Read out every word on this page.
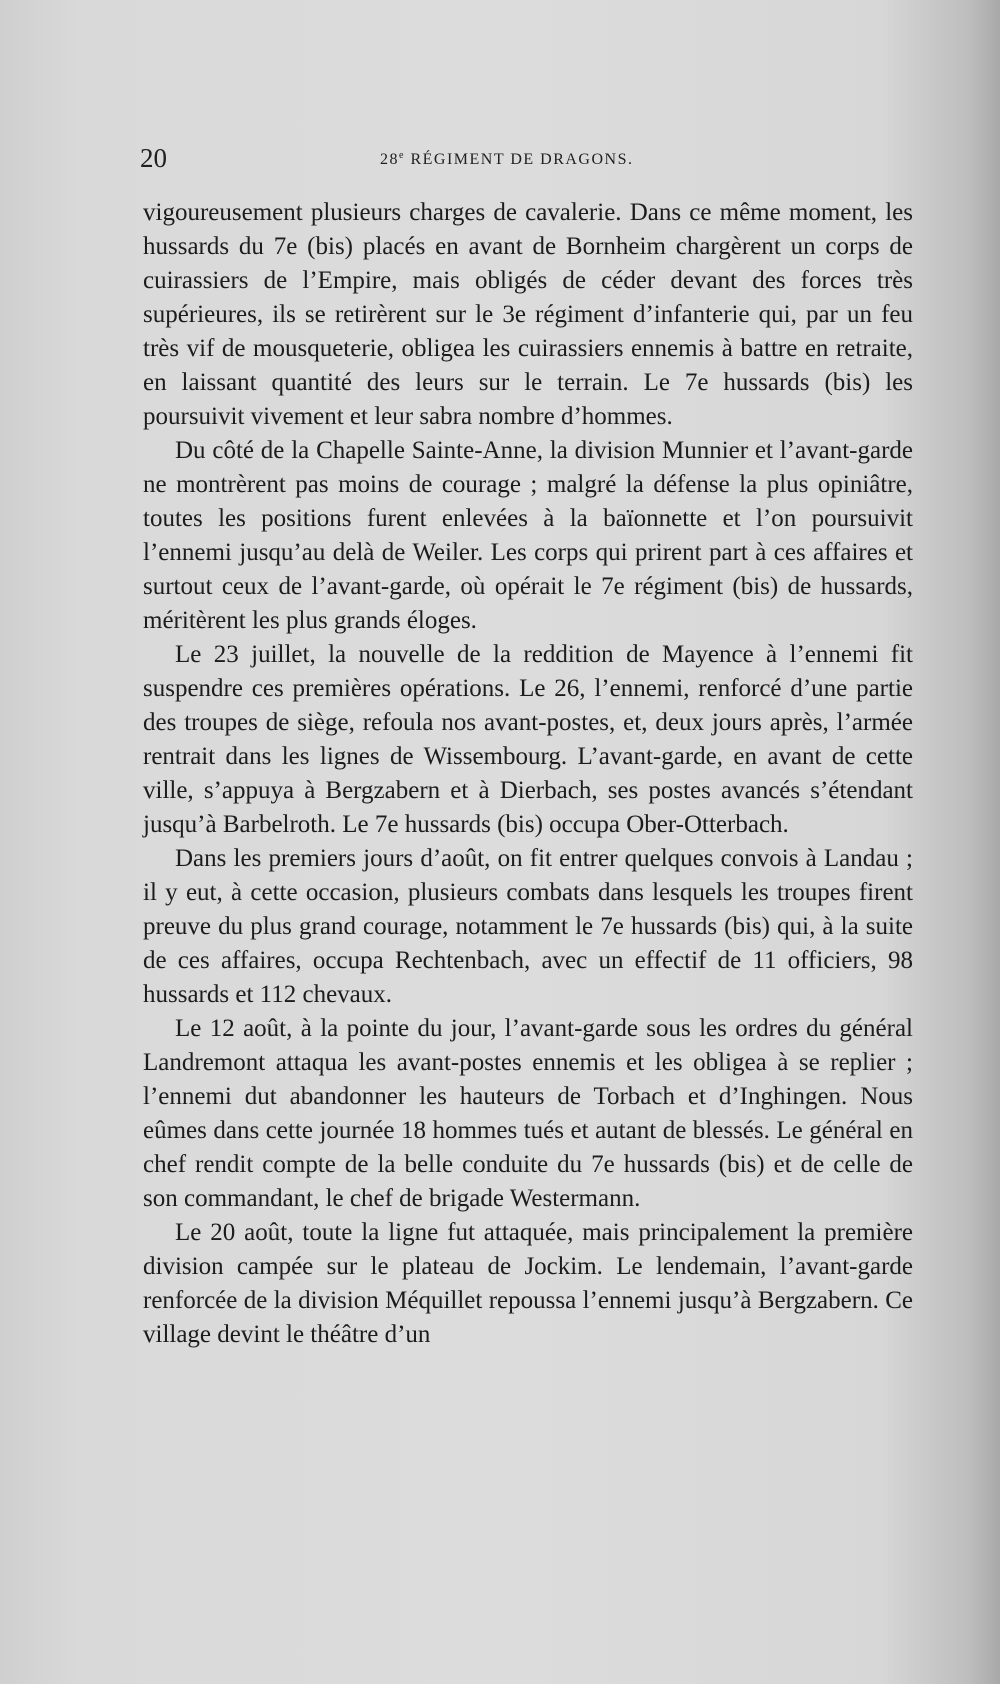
20	28e RÉGIMENT DE DRAGONS.

vigoureusement plusieurs charges de cavalerie. Dans ce même moment, les hussards du 7e (bis) placés en avant de Bornheim chargèrent un corps de cuirassiers de l’Empire, mais obligés de céder devant des forces très supérieures, ils se retirèrent sur le 3e régiment d’infanterie qui, par un feu très vif de mousqueterie, obligea les cuirassiers ennemis à battre en retraite, en laissant quantité des leurs sur le terrain. Le 7e hussards (bis) les poursuivit vivement et leur sabra nombre d’hommes.

Du côté de la Chapelle Sainte-Anne, la division Munnier et l’avant-garde ne montrèrent pas moins de courage ; malgré la défense la plus opiniâtre, toutes les positions furent enlevées à la baïonnette et l’on poursuivit l’ennemi jusqu’au delà de Weiler. Les corps qui prirent part à ces affaires et surtout ceux de l’avant-garde, où opérait le 7e régiment (bis) de hussards, méritèrent les plus grands éloges.

Le 23 juillet, la nouvelle de la reddition de Mayence à l’ennemi fit suspendre ces premières opérations. Le 26, l’ennemi, renforcé d’une partie des troupes de siège, refoula nos avant-postes, et, deux jours après, l’armée rentrait dans les lignes de Wissembourg. L’avant-garde, en avant de cette ville, s’appuya à Bergzabern et à Dierbach, ses postes avancés s’étendant jusqu’à Barbelroth. Le 7e hussards (bis) occupa Ober-Otterbach.

Dans les premiers jours d’août, on fit entrer quelques convois à Landau ; il y eut, à cette occasion, plusieurs combats dans lesquels les troupes firent preuve du plus grand courage, notamment le 7e hussards (bis) qui, à la suite de ces affaires, occupa Rechtenbach, avec un effectif de 11 officiers, 98 hussards et 112 chevaux.

Le 12 août, à la pointe du jour, l’avant-garde sous les ordres du général Landremont attaqua les avant-postes ennemis et les obligea à se replier ; l’ennemi dut abandonner les hauteurs de Torbach et d’Inghingen. Nous eûmes dans cette journée 18 hommes tués et autant de blessés. Le général en chef rendit compte de la belle conduite du 7e hussards (bis) et de celle de son commandant, le chef de brigade Westermann.

Le 20 août, toute la ligne fut attaquée, mais principalement la première division campée sur le plateau de Jockim. Le lendemain, l’avant-garde renforcée de la division Méquillet repoussa l’ennemi jusqu’à Bergzabern. Ce village devint le théâtre d’un
